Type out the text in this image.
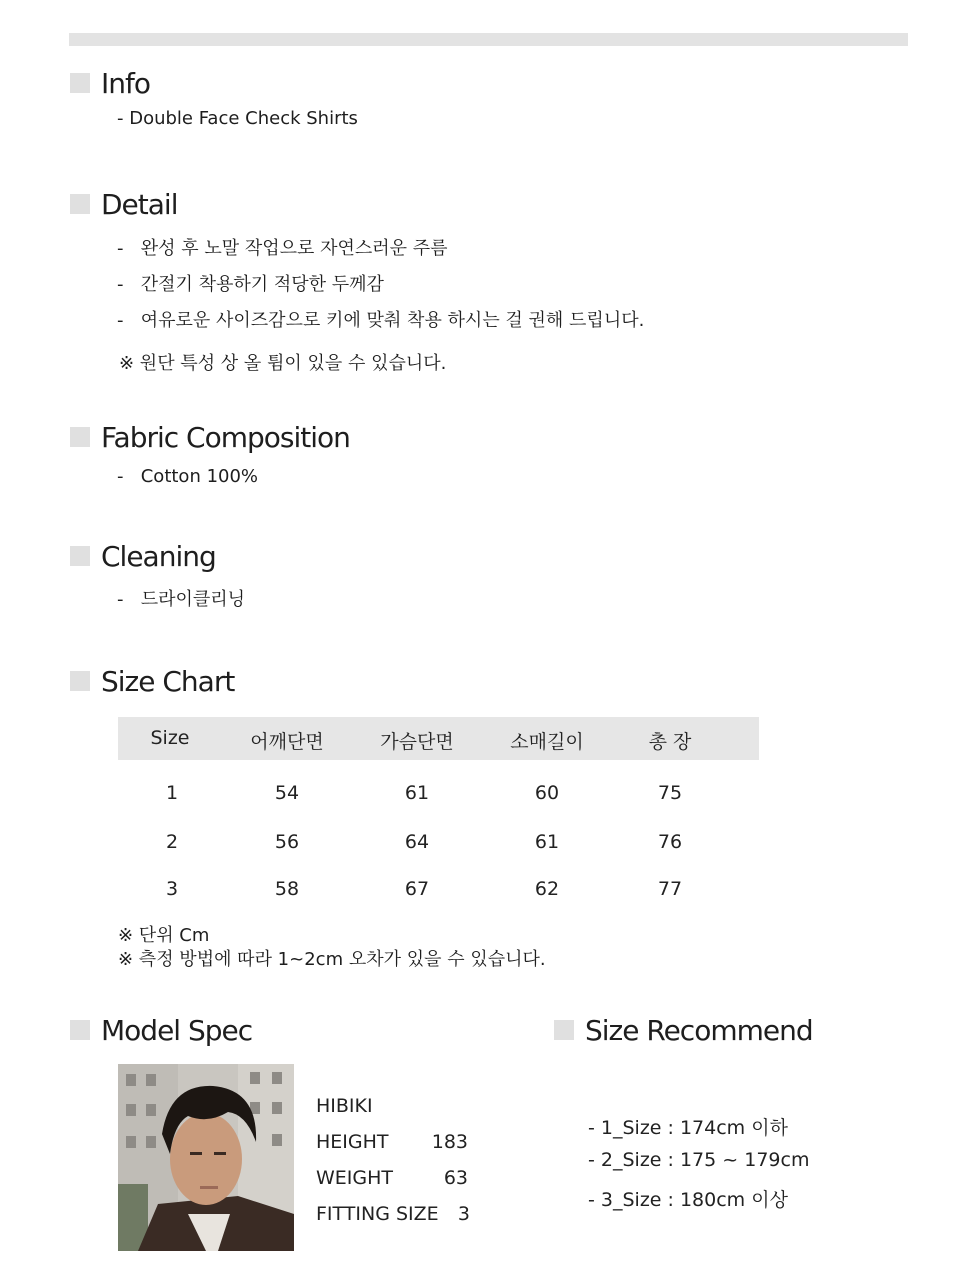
Info
- Double Face Check Shirts
Detail
- 완성 후 노말 작업으로 자연스러운 주름
- 간절기 착용하기 적당한 두께감
- 여유로운 사이즈감으로 키에 맞춰 착용 하시는 걸 권해 드립니다.
※ 원단 특성 상 올 튐이 있을 수 있습니다.
Fabric Composition
- Cotton 100%
Cleaning
- 드라이클리닝
Size Chart
Size	어깨단면	가슴단면	소매길이	총 장
1	54	61	60	75
2	56	64	61	76
3	58	67	62	77
※ 단위 Cm
※ 측정 방법에 따라 1~2cm 오차가 있을 수 있습니다.
Model Spec
HIBIKI
HEIGHT	183
WEIGHT	63
FITTING SIZE	3
Size Recommend
- 1_Size : 174cm 이하
- 2_Size : 175 ~ 179cm
- 3_Size : 180cm 이상
